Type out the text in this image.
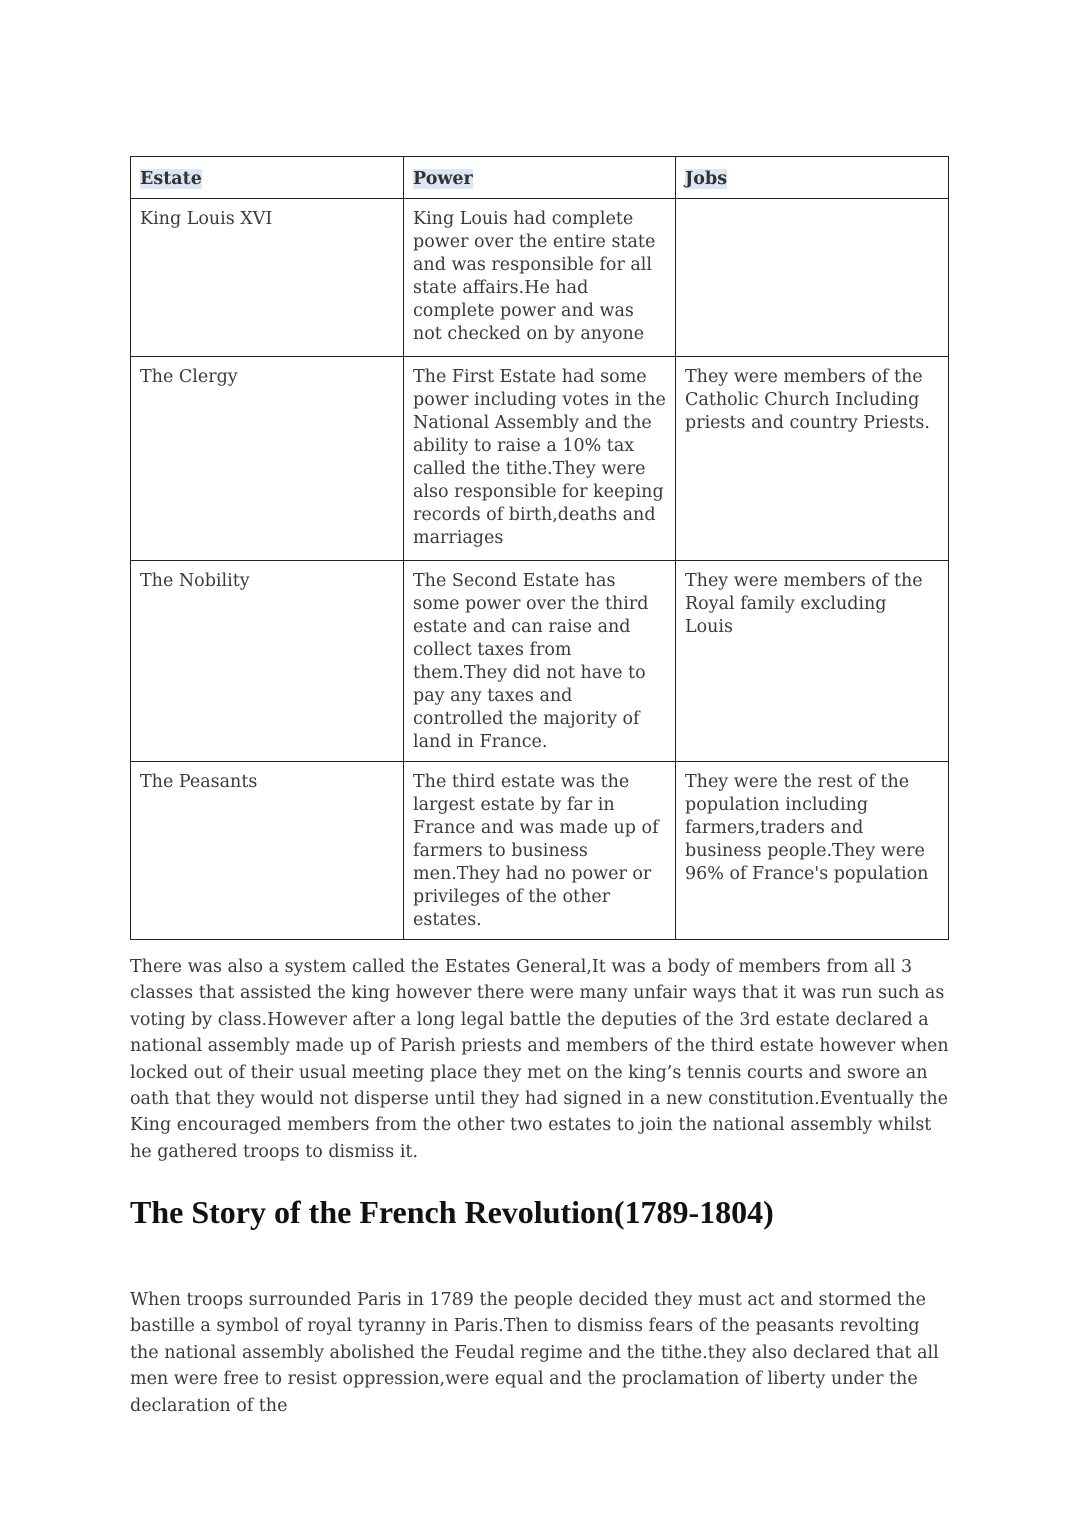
Estate	Power	Jobs
King Louis XVI	King Louis had complete power over the entire state and was responsible for all state affairs.He had complete power and was not checked on by anyone	
The Clergy	The First Estate had some power including votes in the National Assembly and the ability to raise a 10% tax called the tithe.They were also responsible for keeping records of birth,deaths and marriages	They were members of the Catholic Church Including priests and country Priests.
The Nobility	The Second Estate has some power over the third estate and can raise and collect taxes from them.They did not have to pay any taxes and controlled the majority of land in France.	They were members of the Royal family excluding Louis
The Peasants	The third estate was the largest estate by far in France and was made up of farmers to business men.They had no power or privileges of the other estates.	They were the rest of the population including farmers,traders and business people.They were 96% of France's population

There was also a system called the Estates General,It was a body of members from all 3 classes that assisted the king however there were many unfair ways that it was run such as voting by class.However after a long legal battle the deputies of the 3rd estate declared a national assembly made up of Parish priests and members of the third estate however when locked out of their usual meeting place they met on the king’s tennis courts and swore an oath that they would not disperse until they had signed in a new constitution.Eventually the King encouraged members from the other two estates to join the national assembly whilst he gathered troops to dismiss it.

The Story of the French Revolution(1789-1804)

When troops surrounded Paris in 1789 the people decided they must act and stormed the bastille a symbol of royal tyranny in Paris.Then to dismiss fears of the peasants revolting the national assembly abolished the Feudal regime and the tithe.they also declared that all men were free to resist oppression,were equal and the proclamation of liberty under the declaration of the
